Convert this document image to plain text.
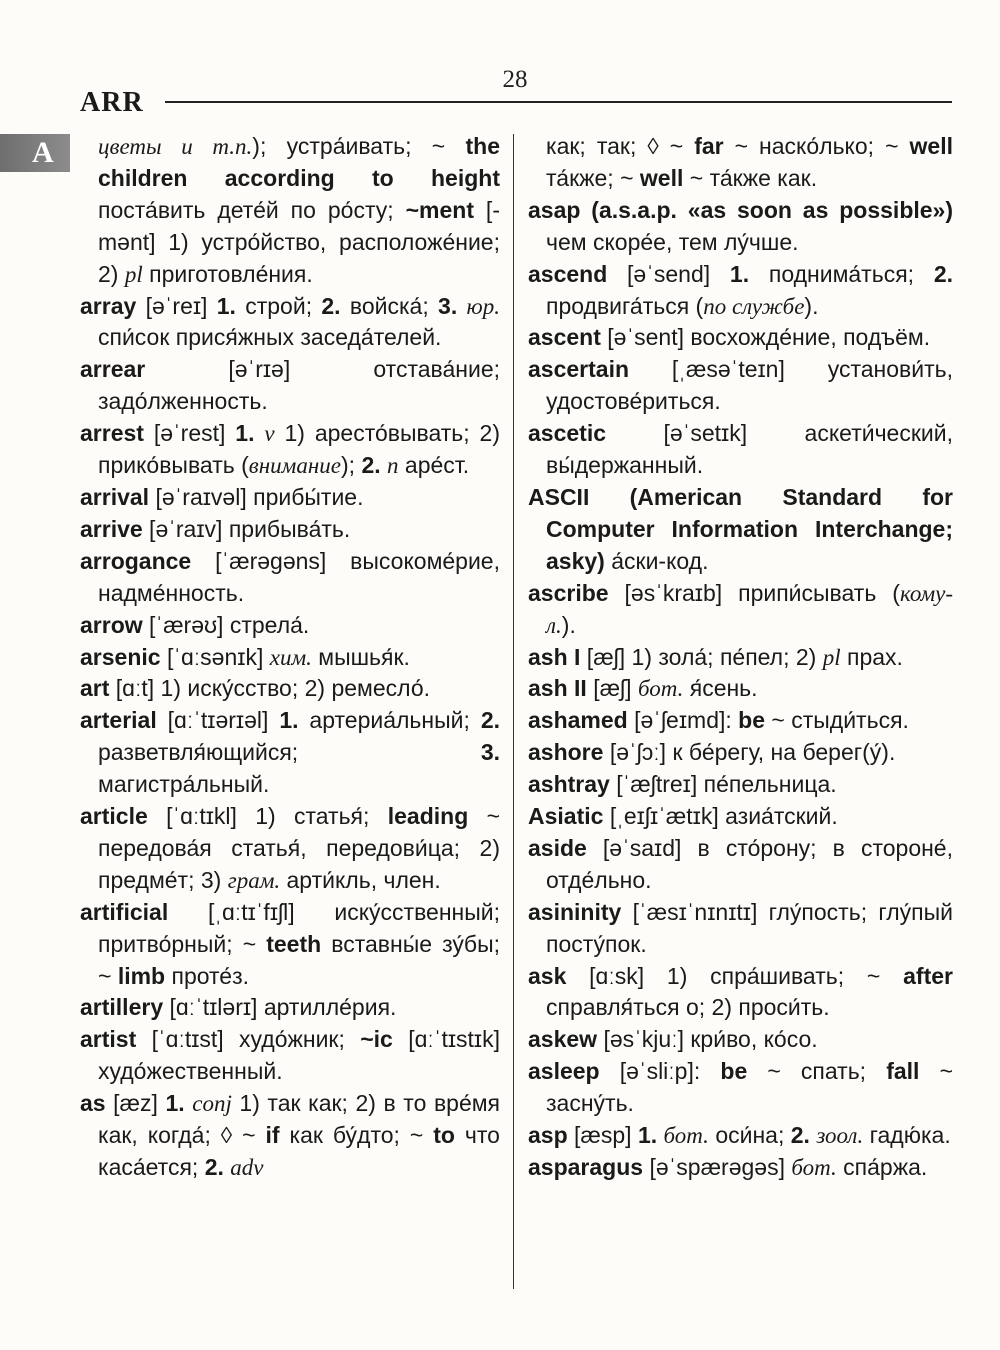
28
ARR
A	цветы и т.п.); устра́ивать; ~ the children according to height поста́вить дете́й по ро́сту; ~ment [-mənt] 1) устро́йство, расположе́ние; 2) pl приготовле́ния.
array [əˈreɪ] 1. строй; 2. войска́; 3. юр. спи́сок прися́жных заседа́телей.
arrear [əˈrɪə] отстава́ние; задо́лженность.
arrest [əˈrest] 1. v 1) аресто́вывать; 2) прико́вывать (внимание); 2. n аре́ст.
arrival [əˈraɪvəl] прибы́тие.
arrive [əˈraɪv] прибыва́ть.
arrogance [ˈærəgəns] высокоме́рие, надме́нность.
arrow [ˈærəʊ] стрела́.
arsenic [ˈɑːsənɪk] хим. мышья́к.
art [ɑːt] 1) иску́сство; 2) ремесло́.
arterial [ɑːˈtɪərɪəl] 1. артериа́льный; 2. разветвля́ющийся; 3. магистра́льный.
article [ˈɑːtɪkl] 1) статья́; leading ~ передова́я статья́, передови́ца; 2) предме́т; 3) грам. арти́кль, член.
artificial [ˌɑːtɪˈfɪʃl] иску́сственный; притво́рный; ~ teeth вставны́е зу́бы; ~ limb проте́з.
artillery [ɑːˈtɪlərɪ] артилле́рия.
artist [ˈɑːtɪst] худо́жник; ~ic [ɑːˈtɪstɪk] худо́жественный.
as [æz] 1. conj 1) так как; 2) в то вре́мя как, когда́; ◊ ~ if как бу́дто; ~ to что каса́ется; 2. adv
как; так; ◊ ~ far ~ наско́лько; ~ well та́кже; ~ well ~ та́кже как.
asap (a.s.a.p. «as soon as possible») чем скоре́е, тем лу́чше.
ascend [əˈsend] 1. поднима́ться; 2. продвига́ться (по службе).
ascent [əˈsent] восхожде́ние, подъём.
ascertain [ˌæsəˈteɪn] установи́ть, удостове́риться.
ascetic [əˈsetɪk] аскети́ческий, вы́держанный.
ASCII (American Standard for Computer Information Interchange; asky) а́ски-код.
ascribe [əsˈkraɪb] припи́сывать (кому-л.).
ash I [æʃ] 1) зола́; пе́пел; 2) pl прах.
ash II [æʃ] бот. я́сень.
ashamed [əˈʃeɪmd]: be ~ стыди́ться.
ashore [əˈʃɔː] к бе́регу, на берег(у́).
ashtray [ˈæʃtreɪ] пе́пельница.
Asiatic [ˌeɪʃɪˈætɪk] азиа́тский.
aside [əˈsaɪd] в сто́рону; в стороне́, отде́льно.
asininity [ˈæsɪˈnɪnɪtɪ] глу́пость; глу́пый посту́пок.
ask [ɑːsk] 1) спра́шивать; ~ after справля́ться о; 2) проси́ть.
askew [əsˈkjuː] кри́во, ко́со.
asleep [əˈsliːp]: be ~ спать; fall ~ засну́ть.
asp [æsp] 1. бот. оси́на; 2. зоол. гадю́ка.
asparagus [əˈspærəgəs] бот. спа́ржа.
